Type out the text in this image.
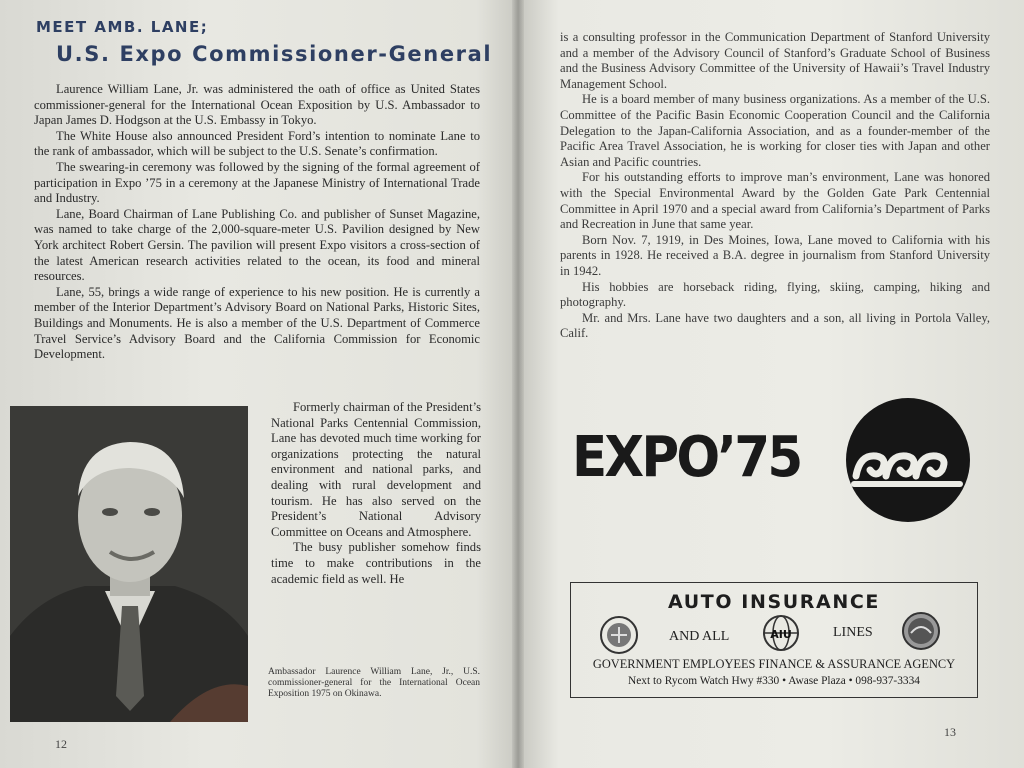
MEET AMB. LANE;
U.S. Expo Commissioner-General

Laurence William Lane, Jr. was administered the oath of office as United States commissioner-general for the International Ocean Exposition by U.S. Ambassador to Japan James D. Hodgson at the U.S. Embassy in Tokyo.

The White House also announced President Ford’s intention to nominate Lane to the rank of ambassador, which will be subject to the U.S. Senate’s confirmation.

The swearing-in ceremony was followed by the signing of the formal agreement of participation in Expo ’75 in a ceremony at the Japanese Ministry of International Trade and Industry.

Lane, Board Chairman of Lane Publishing Co. and publisher of Sunset Magazine, was named to take charge of the 2,000-square-meter U.S. Pavilion designed by New York architect Robert Gersin. The pavilion will present Expo visitors a cross-section of the latest American research activities related to the ocean, its food and mineral resources.

Lane, 55, brings a wide range of experience to his new position. He is currently a member of the Interior Department’s Advisory Board on National Parks, Historic Sites, Buildings and Monuments. He is also a member of the U.S. Department of Commerce Travel Service’s Advisory Board and the California Commission for Economic Development.

Formerly chairman of the President’s National Parks Centennial Commission, Lane has devoted much time working for organizations protecting the natural environment and national parks, and dealing with rural development and tourism. He has also served on the President’s National Advisory Committee on Oceans and Atmosphere.

The busy publisher somehow finds time to make contributions in the academic field as well. He

Ambassador Laurence William Lane, Jr., U.S. commissioner-general for the International Ocean Exposition 1975 on Okinawa.
12

is a consulting professor in the Communication Department of Stanford University and a member of the Advisory Council of Stanford’s Graduate School of Business and the Business Advisory Committee of the University of Hawaii’s Travel Industry Management School.

He is a board member of many business organizations. As a member of the U.S. Committee of the Pacific Basin Economic Cooperation Council and the California Delegation to the Japan-California Association, and as a founder-member of the Pacific Area Travel Association, he is working for closer ties with Japan and other Asian and Pacific countries.

For his outstanding efforts to improve man’s environment, Lane was honored with the Special Environmental Award by the Golden Gate Park Centennial Committee in April 1970 and a special award from California’s Department of Parks and Recreation in June that same year.

Born Nov. 7, 1919, in Des Moines, Iowa, Lane moved to California with his parents in 1928. He received a B.A. degree in journalism from Stanford University in 1942.

His hobbies are horseback riding, flying, skiing, camping, hiking and photography.

Mr. and Mrs. Lane have two daughters and a son, all living in Portola Valley, Calif.

EXPO’75
AUTO INSURANCE
AND ALL	AIU	LINES
GOVERNMENT EMPLOYEES FINANCE & ASSURANCE AGENCY
Next to Rycom Watch Hwy #330 • Awase Plaza • 098-937-3334
13
